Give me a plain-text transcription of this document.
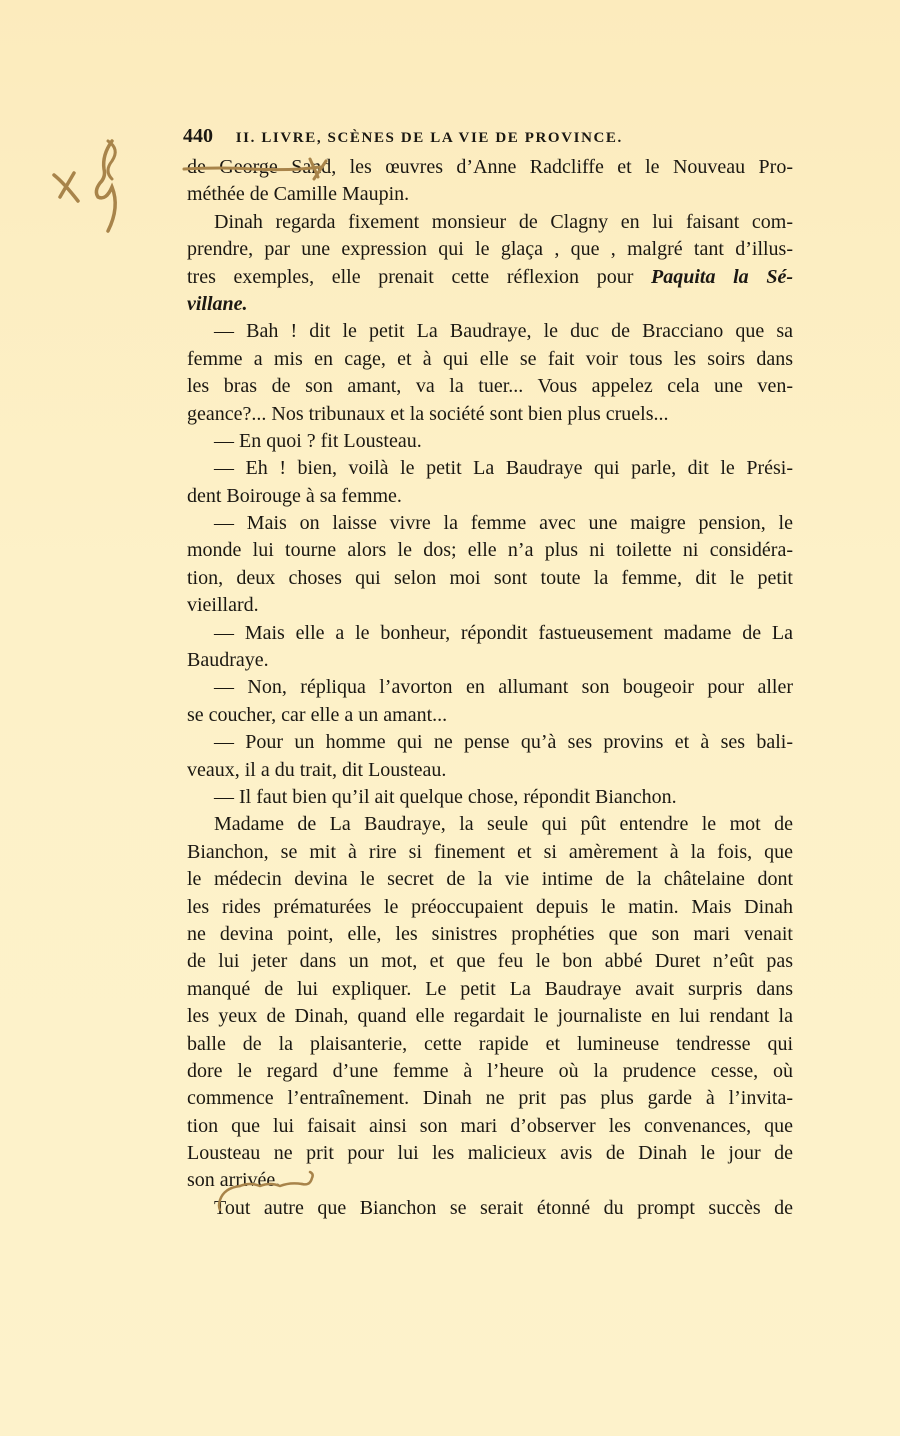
440 II. LIVRE, SCÈNES DE LA VIE DE PROVINCE.
de George Sand, les œuvres d’Anne Radcliffe et le Nouveau Pro-
méthée de Camille Maupin.
Dinah regarda fixement monsieur de Clagny en lui faisant com-
prendre, par une expression qui le glaça , que , malgré tant d’illus-
tres exemples, elle prenait cette réflexion pour Paquita la Sé-
villane.
— Bah ! dit le petit La Baudraye, le duc de Bracciano que sa
femme a mis en cage, et à qui elle se fait voir tous les soirs dans
les bras de son amant, va la tuer... Vous appelez cela une ven-
geance?... Nos tribunaux et la société sont bien plus cruels...
— En quoi ? fit Lousteau.
— Eh ! bien, voilà le petit La Baudraye qui parle, dit le Prési-
dent Boirouge à sa femme.
— Mais on laisse vivre la femme avec une maigre pension, le
monde lui tourne alors le dos; elle n’a plus ni toilette ni considéra-
tion, deux choses qui selon moi sont toute la femme, dit le petit
vieillard.
— Mais elle a le bonheur, répondit fastueusement madame de La
Baudraye.
— Non, répliqua l’avorton en allumant son bougeoir pour aller
se coucher, car elle a un amant...
— Pour un homme qui ne pense qu’à ses provins et à ses bali-
veaux, il a du trait, dit Lousteau.
— Il faut bien qu’il ait quelque chose, répondit Bianchon.
Madame de La Baudraye, la seule qui pût entendre le mot de
Bianchon, se mit à rire si finement et si amèrement à la fois, que
le médecin devina le secret de la vie intime de la châtelaine dont
les rides prématurées le préoccupaient depuis le matin. Mais Dinah
ne devina point, elle, les sinistres prophéties que son mari venait
de lui jeter dans un mot, et que feu le bon abbé Duret n’eût pas
manqué de lui expliquer. Le petit La Baudraye avait surpris dans
les yeux de Dinah, quand elle regardait le journaliste en lui rendant la
balle de la plaisanterie, cette rapide et lumineuse tendresse qui
dore le regard d’une femme à l’heure où la prudence cesse, où
commence l’entraînement. Dinah ne prit pas plus garde à l’invita-
tion que lui faisait ainsi son mari d’observer les convenances, que
Lousteau ne prit pour lui les malicieux avis de Dinah le jour de
son arrivée.
Tout autre que Bianchon se serait étonné du prompt succès de
